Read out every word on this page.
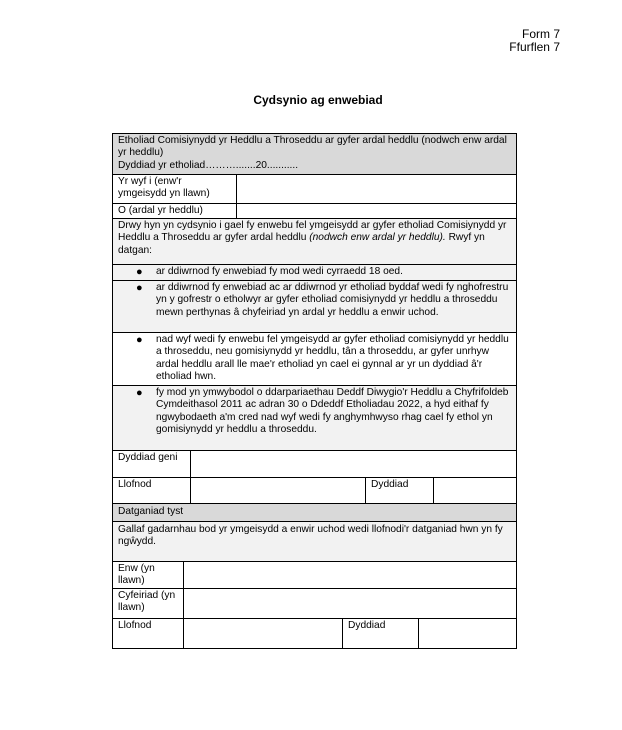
Form 7
Ffurflen 7
Cydsynio ag enwebiad
Etholiad Comisiynydd yr Heddlu a Throseddu ar gyfer ardal heddlu (nodwch enw ardal yr heddlu)
Dyddiad yr etholiad……….......20...........
Yr wyf i (enw'r ymgeisydd yn llawn)
O (ardal yr heddlu)
Drwy hyn yn cydsynio i gael fy enwebu fel ymgeisydd ar gyfer etholiad Comisiynydd yr Heddlu a Throseddu ar gyfer ardal heddlu (nodwch enw ardal yr heddlu). Rwyf yn datgan:
● ar ddiwrnod fy enwebiad fy mod wedi cyrraedd 18 oed.
● ar ddiwrnod fy enwebiad ac ar ddiwrnod yr etholiad byddaf wedi fy nghofrestru yn y gofrestr o etholwyr ar gyfer etholiad comisiynydd yr heddlu a throseddu mewn perthynas â chyfeiriad yn ardal yr heddlu a enwir uchod.
● nad wyf wedi fy enwebu fel ymgeisydd ar gyfer etholiad comisiynydd yr heddlu a throseddu, neu gomisiynydd yr heddlu, tân a throseddu, ar gyfer unrhyw ardal heddlu arall lle mae'r etholiad yn cael ei gynnal ar yr un dyddiad â'r etholiad hwn.
● fy mod yn ymwybodol o ddarpariaethau Deddf Diwygio'r Heddlu a Chyfrifoldeb Cymdeithasol 2011 ac adran 30 o Ddeddf Etholiadau 2022, a hyd eithaf fy ngwybodaeth a'm cred nad wyf wedi fy anghymhwyso rhag cael fy ethol yn gomisiynydd yr heddlu a throseddu.
Dyddiad geni
Llofnod	Dyddiad
Datganiad tyst
Gallaf gadarnhau bod yr ymgeisydd a enwir uchod wedi llofnodi'r datganiad hwn yn fy ngŵydd.
Enw (yn llawn)
Cyfeiriad (yn llawn)
Llofnod	Dyddiad
